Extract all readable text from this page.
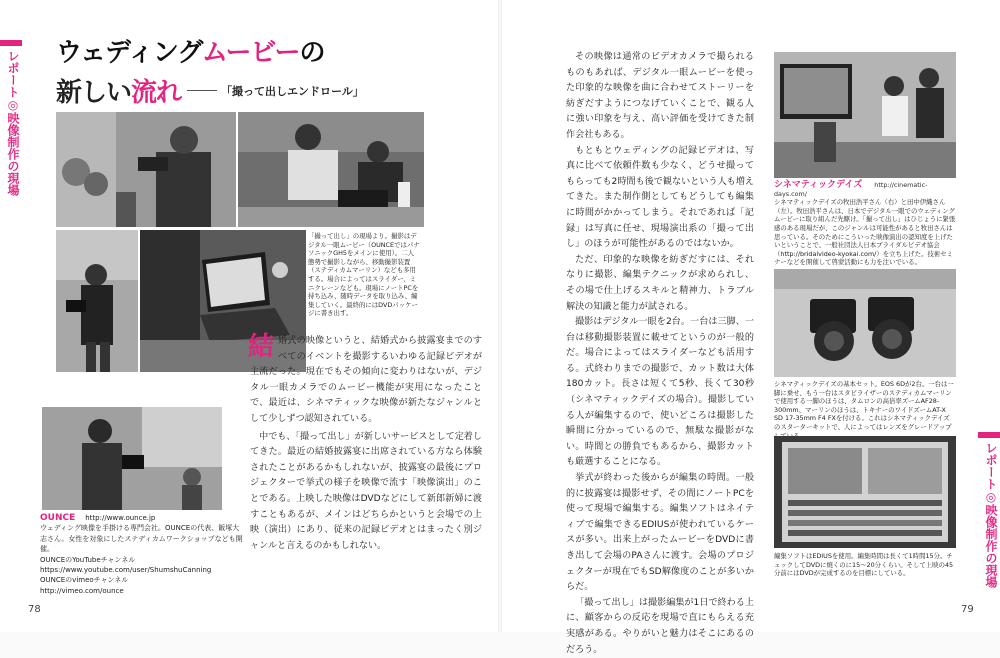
レポート◎映像制作の現場
レポート◎映像制作の現場
ウェディングムービーの
新しい流れ	「撮って出しエンドロール」
「撮って出し」の現場より。撮影はデジタル一眼ムービー（OUNCEではパナソニックGH5をメインに使用）。二人態勢で撮影しながら、移動撮影装置（ステディカムマーリン）なども多用する。場合によってはスライダー、ミニクレーンなども。現場にノートPCを持ち込み、随時データを取り込み、編集していく。最終的にはDVDパッケージに書き出す。
OUNCE http://www.ounce.jp
ウェディング映像を手掛ける専門会社。OUNCEの代表、飯塚大志さん。女性を対象にしたステディカムワークショップなども開催。
OUNCEのYouTubeチャンネル
https://www.youtube.com/user/ShumshuCanning
OUNCEのvimeoチャンネル
http://vimeo.com/ounce
結 婚式の映像というと、結婚式から披露宴までのすべてのイベントを撮影するいわゆる記録ビデオが主流だった。現在でもその傾向に変わりはないが、デジタル一眼カメラでのムービー機能が実用になったことで、最近は、シネマティックな映像が新たなジャンルとして少しずつ認知されている。

中でも、「撮って出し」が新しいサービスとして定着してきた。最近の結婚披露宴に出席されている方なら体験されたことがあるかもしれないが、披露宴の最後にプロジェクターで挙式の様子を映像で流す「映像演出」のことである。上映した映像はDVDなどにして新郎新婦に渡すこともあるが、メインはどちらかというと会場での上映（演出）にあり、従来の記録ビデオとはまったく別ジャンルと言えるのかもしれない。

その映像は通常のビデオカメラで撮られるものもあれば、デジタル一眼ムービーを使った印象的な映像を曲に合わせてストーリーを紡ぎだすようにつなげていくことで、観る人に強い印象を与え、高い評価を受けてきた制作会社もある。

もともとウェディングの記録ビデオは、写真に比べて依頼件数も少なく、どうせ撮ってもらっても2時間も後で観ないという人も増えてきた。また制作側としてもどうしても編集に時間がかかってしまう。それであれば「記録」は写真に任せ、現場演出系の「撮って出し」のほうが可能性があるのではないか。

ただ、印象的な映像を紡ぎだすには、それなりに撮影、編集テクニックが求められし、その場で仕上げるスキルと精神力、トラブル解決の知識と能力が試される。

撮影はデジタル一眼を2台。一台は三脚、一台は移動撮影装置に載せてというのが一般的だ。場合によってはスライダーなども活用する。式終わりまでの撮影で、カット数は大体180カット。長さは短くて5秒、長くて30秒（シネマティックデイズの場合）。撮影している人が編集するので、使いどころは撮影した瞬間に分かっているので、無駄な撮影がない。時間との勝負でもあるから、撮影カットも厳選することになる。

挙式が終わった後からが編集の時間。一般的に披露宴は撮影せず、その間にノートPCを使って現場で編集する。編集ソフトはネイティブで編集できるEDIUSが使われているケースが多い。出来上がったムービーをDVDに書き出して会場のPAさんに渡す。会場のプロジェクターが現在でもSD解像度のことが多いからだ。

「撮って出し」は撮影編集が1日で終わる上に、顧客からの反応を現場で直にもらえる充実感がある。やりがいと魅力はそこにあるのだろう。

シネマティックデイズ http://cinematic-days.com/
シネマティックデイズの牧田浩平さん（右）と田中伊織さん（左）。牧田浩平さんは、日本でデジタル一眼でのウェディングムービーに取り組んだ先駆け。「撮って出し」はひじょうに緊張感のある現場だが、このジャンルは可能性があると牧田さんは思っている。そのためにこういった映像演出の認知度を上げたいということで、一般社団法人日本ブライダルビデオ協会（http://bridalvideo-kyokai.com/）を立ち上げた。技術セミナーなどを開催して啓蒙活動にも力を注いでいる。
シネマティックデイズの基本セット。EOS 6Dが2台。一台は一脚に乗せ、もう一台はスタビライザーのステディカムマーリンで使用する一脚のほうは、タムロンの高倍率ズームAF28-300mm、マーリンのほうは、トキナーのワイドズームAT-X SD 17-35mm F4 FXを付ける。これはシネマティックデイズのスターターキットで、人によってはレンズをグレードアップ
編集ソフトはEDIUSを使用。編集時間は長くて1時間15分。チェックしてDVDに焼くのに15〜20分くらい。そして上映の45分前にはDVDが完成するのを目標にしている。
78	79
